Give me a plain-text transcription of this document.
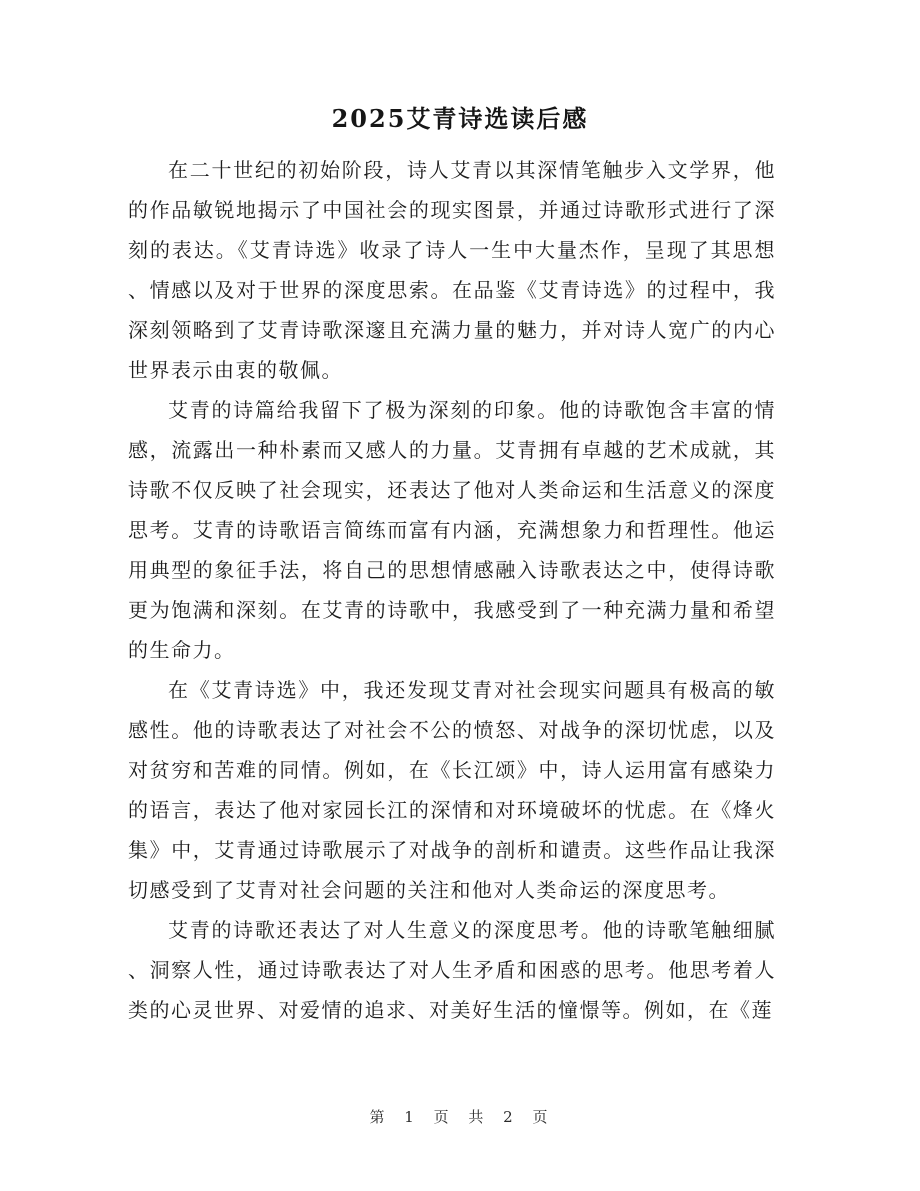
2025艾青诗选读后感

在二十世纪的初始阶段，诗人艾青以其深情笔触步入文学界，他的作品敏锐地揭示了中国社会的现实图景，并通过诗歌形式进行了深刻的表达。《艾青诗选》收录了诗人一生中大量杰作，呈现了其思想、情感以及对于世界的深度思索。在品鉴《艾青诗选》的过程中，我深刻领略到了艾青诗歌深邃且充满力量的魅力，并对诗人宽广的内心世界表示由衷的敬佩。

艾青的诗篇给我留下了极为深刻的印象。他的诗歌饱含丰富的情感，流露出一种朴素而又感人的力量。艾青拥有卓越的艺术成就，其诗歌不仅反映了社会现实，还表达了他对人类命运和生活意义的深度思考。艾青的诗歌语言简练而富有内涵，充满想象力和哲理性。他运用典型的象征手法，将自己的思想情感融入诗歌表达之中，使得诗歌更为饱满和深刻。在艾青的诗歌中，我感受到了一种充满力量和希望的生命力。

在《艾青诗选》中，我还发现艾青对社会现实问题具有极高的敏感性。他的诗歌表达了对社会不公的愤怒、对战争的深切忧虑，以及对贫穷和苦难的同情。例如，在《长江颂》中，诗人运用富有感染力的语言，表达了他对家园长江的深情和对环境破坏的忧虑。在《烽火集》中，艾青通过诗歌展示了对战争的剖析和谴责。这些作品让我深切感受到了艾青对社会问题的关注和他对人类命运的深度思考。

艾青的诗歌还表达了对人生意义的深度思考。他的诗歌笔触细腻、洞察人性，通过诗歌表达了对人生矛盾和困惑的思考。他思考着人类的心灵世界、对爱情的追求、对美好生活的憧憬等。例如，在《莲

第 1 页 共 2 页
